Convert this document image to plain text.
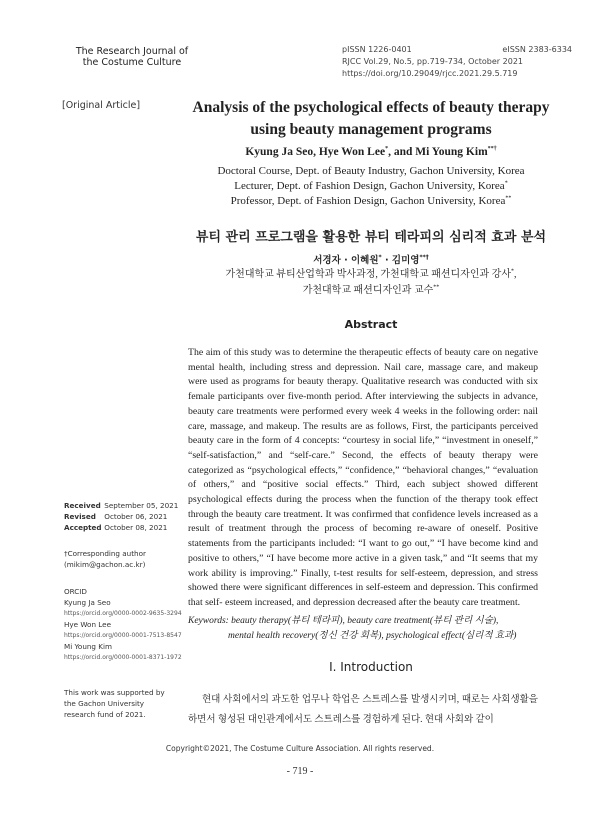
The Research Journal of
the Costume Culture
pISSN 1226-0401	eISSN 2383-6334
RJCC Vol.29, No.5, pp.719-734, October 2021
https://doi.org/10.29049/rjcc.2021.29.5.719
[Original Article]	Analysis of the psychological effects of beauty therapy
using beauty management programs
Kyung Ja Seo, Hye Won Lee*, and Mi Young Kim**†
Doctoral Course, Dept. of Beauty Industry, Gachon University, Korea
Lecturer, Dept. of Fashion Design, Gachon University, Korea*
Professor, Dept. of Fashion Design, Gachon University, Korea**
뷰티 관리 프로그램을 활용한 뷰티 테라피의 심리적 효과 분석
서경자 · 이혜원* · 김미영**†
가천대학교 뷰티산업학과 박사과정, 가천대학교 패션디자인과 강사*,
가천대학교 패션디자인과 교수**
Abstract

The aim of this study was to determine the therapeutic effects of beauty care on negative mental health, including stress and depression. Nail care, massage care, and makeup were used as programs for beauty therapy. Qualitative research was conducted with six female participants over five-month period. After interviewing the subjects in advance, beauty care treatments were performed every week 4 weeks in the following order: nail care, massage, and makeup. The results are as follows, First, the participants perceived beauty care in the form of 4 concepts: “courtesy in social life,” “investment in oneself,” “self-satisfaction,” and “self-care.” Second, the effects of beauty therapy were categorized as “psychological effects,” “confidence,” “behavioral changes,” “evaluation of others,” and “positive social effects.” Third, each subject showed different psychological effects during the process when the function of the therapy took effect through the beauty care treatment. It was confirmed that confidence levels increased as a result of treatment through the process of becoming re-aware of oneself. Positive statements from the participants included: “I want to go out,” “I have become kind and positive to others,” “I have become more active in a given task,” and “It seems that my work ability is improving.” Finally, t-test results for self-esteem, depression, and stress showed there were significant differences in self-esteem and depression. This confirmed that self- esteem increased, and depression decreased after the beauty care treatment.

Received September 05, 2021
Revised October 06, 2021
Accepted October 08, 2021
†Corresponding author
(mikim@gachon.ac.kr)
ORCID
Kyung Ja Seo
https://orcid.org/0000-0002-9635-3294
Hye Won Lee
https://orcid.org/0000-0001-7513-8547
Mi Young Kim
https://orcid.org/0000-0001-8371-1972
This work was supported by
the Gachon University
research fund of 2021.
Keywords: beauty therapy(뷰티 테라피), beauty care treatment(뷰티 관리 시술),
mental health recovery(정신 건강 회복), psychological effect(심리적 효과)
Ⅰ. Introduction

현대 사회에서의 과도한 업무나 학업은 스트레스를 발생시키며, 때로는 사회생활을 하면서 형성된 대인관계에서도 스트레스를 경험하게 된다. 현대 사회와 같이

Copyright©2021, The Costume Culture Association. All rights reserved.
- 719 -
